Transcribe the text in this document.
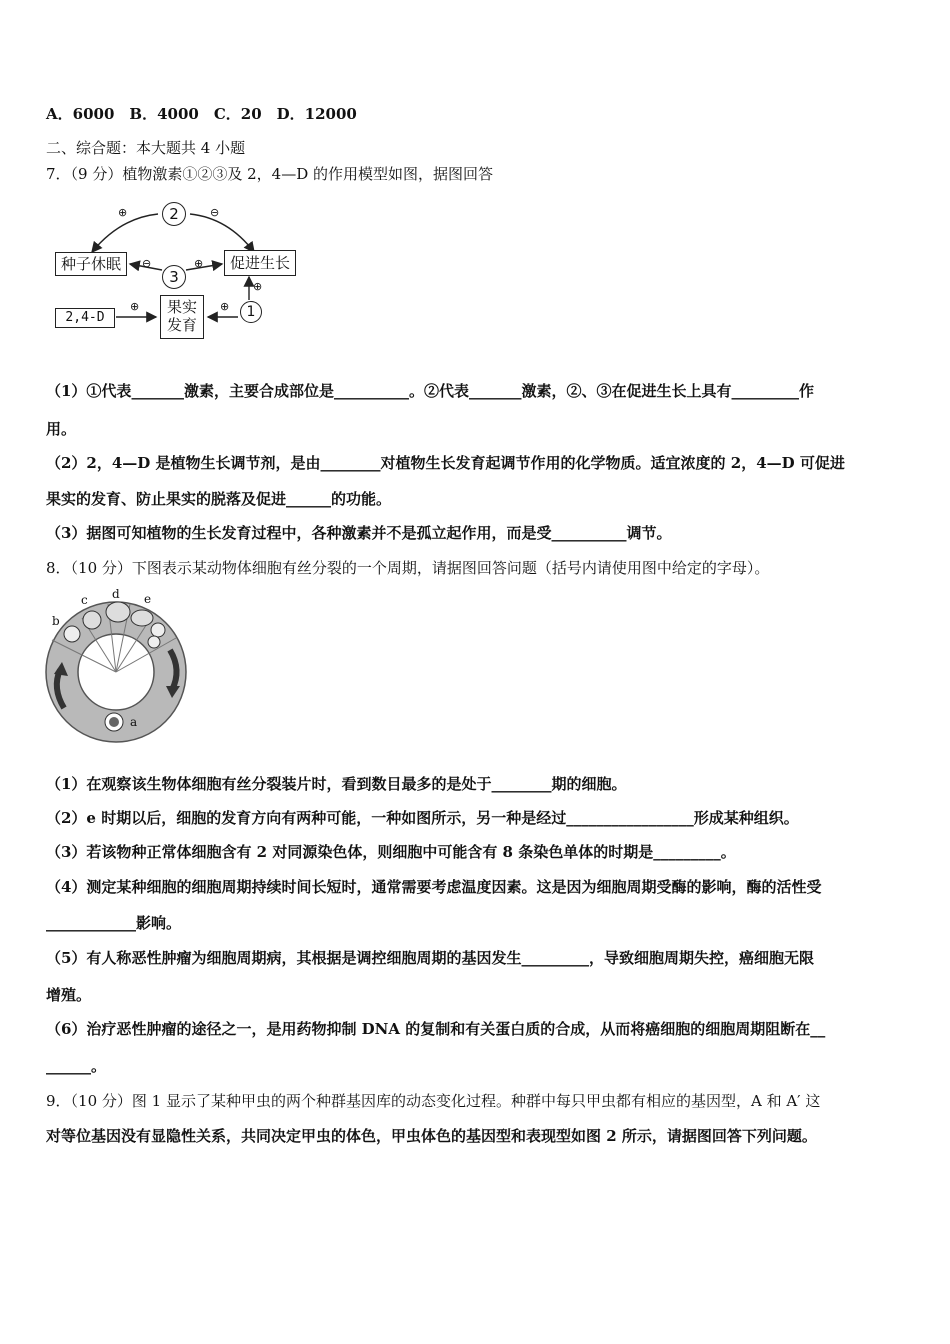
A．6000　B．4000　C．20　D．12000
二、综合题：本大题共 4 小题
7．（9 分）植物激素①②③及 2，4—D 的作用模型如图，据图回答
种子休眠	促进生长
果实
发育
2,4-D
2
3
1
⊕	⊖
⊖	⊕
⊕	⊕
⊕
（1）①代表_______激素，主要合成部位是__________。②代表_______激素，②、③在促进生长上具有_________作
用。
（2）2，4—D 是植物生长调节剂，是由________对植物生长发育起调节作用的化学物质。适宜浓度的 2，4—D 可促进
果实的发育、防止果实的脱落及促进______的功能。
（3）据图可知植物的生长发育过程中，各种激素并不是孤立起作用，而是受__________调节。
8．（10 分）下图表示某动物体细胞有丝分裂的一个周期，请据图回答问题（括号内请使用图中给定的字母）。
b
c d e
a
（1）在观察该生物体细胞有丝分裂装片时，看到数目最多的是处于________期的细胞。
（2）e 时期以后，细胞的发育方向有两种可能，一种如图所示，另一种是经过_________________形成某种组织。
（3）若该物种正常体细胞含有 2 对同源染色体，则细胞中可能含有 8 条染色单体的时期是_________。
（4）测定某种细胞的细胞周期持续时间长短时，通常需要考虑温度因素。这是因为细胞周期受酶的影响，酶的活性受
____________影响。
（5）有人称恶性肿瘤为细胞周期病，其根据是调控细胞周期的基因发生_________，导致细胞周期失控，癌细胞无限
增殖。
（6）治疗恶性肿瘤的途径之一，是用药物抑制 DNA 的复制和有关蛋白质的合成，从而将癌细胞的细胞周期阻断在__
______。
9．（10 分）图 1 显示了某种甲虫的两个种群基因库的动态变化过程。种群中每只甲虫都有相应的基因型，A 和 A′ 这
对等位基因没有显隐性关系，共同决定甲虫的体色，甲虫体色的基因型和表现型如图 2 所示，请据图回答下列问题。
